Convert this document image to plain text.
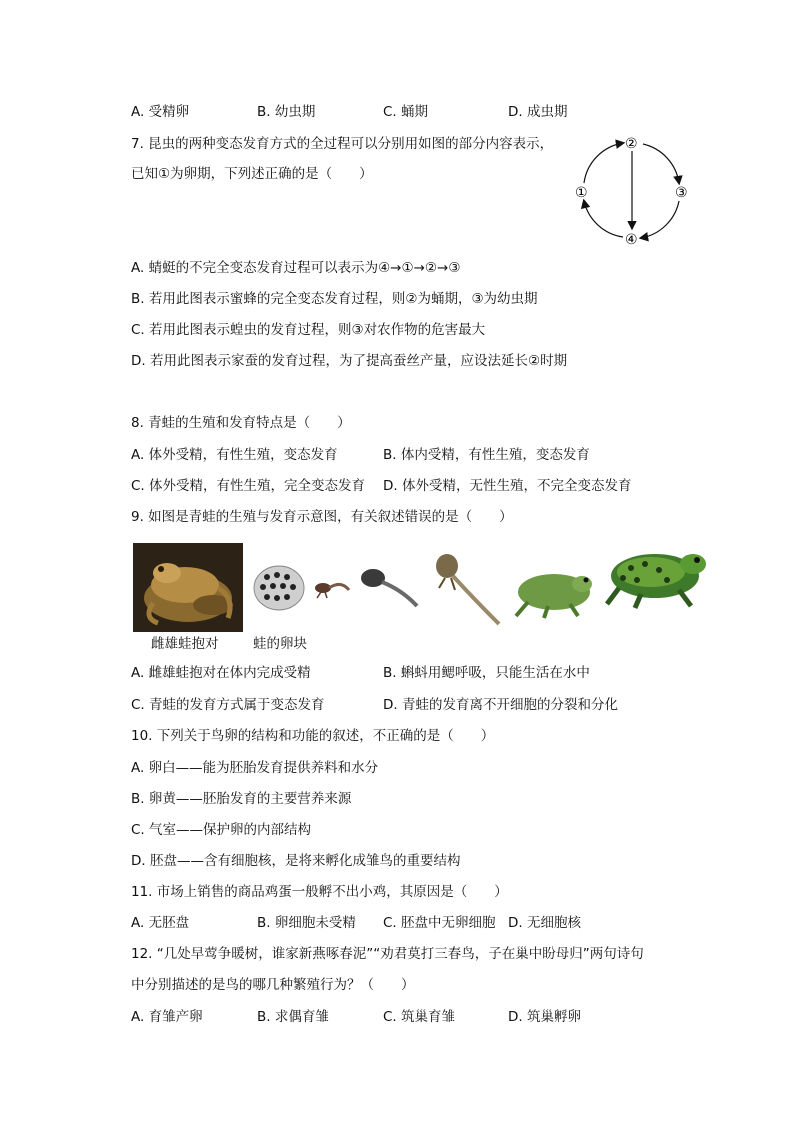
A. 受精卵	B. 幼虫期	C. 蛹期	D. 成虫期
7. 昆虫的两种变态发育方式的全过程可以分别用如图的部分内容表示，
已知①为卵期，下列述正确的是（　　）
①
②
③
④
A. 蜻蜓的不完全变态发育过程可以表示为④→①→②→③
B. 若用此图表示蜜蜂的完全变态发育过程，则②为蛹期，③为幼虫期
C. 若用此图表示蝗虫的发育过程，则③对农作物的危害最大
D. 若用此图表示家蚕的发育过程，为了提高蚕丝产量，应设法延长②时期
8. 青蛙的生殖和发育特点是（　　）
A. 体外受精，有性生殖，变态发育	B. 体内受精，有性生殖，变态发育
C. 体外受精，有性生殖，完全变态发育 D. 体外受精，无性生殖，不完全变态发育
9. 如图是青蛙的生殖与发育示意图，有关叙述错误的是（　　）
雌雄蛙抱对	蛙的卵块
A. 雌雄蛙抱对在体内完成受精	B. 蝌蚪用鳃呼吸，只能生活在水中
C. 青蛙的发育方式属于变态发育	D. 青蛙的发育离不开细胞的分裂和分化
10. 下列关于鸟卵的结构和功能的叙述，不正确的是（　　）
A. 卵白——能为胚胎发育提供养料和水分
B. 卵黄——胚胎发育的主要营养来源
C. 气室——保护卵的内部结构
D. 胚盘——含有细胞核，是将来孵化成雏鸟的重要结构
11. 市场上销售的商品鸡蛋一般孵不出小鸡，其原因是（　　）
A. 无胚盘	B. 卵细胞未受精 C. 胚盘中无卵细胞 D. 无细胞核
12. “几处早莺争暖树，谁家新燕啄春泥”“劝君莫打三春鸟，子在巢中盼母归”两句诗句
中分别描述的是鸟的哪几种繁殖行为？（　　）
A. 育雏产卵	B. 求偶育雏	C. 筑巢育雏	D. 筑巢孵卵
